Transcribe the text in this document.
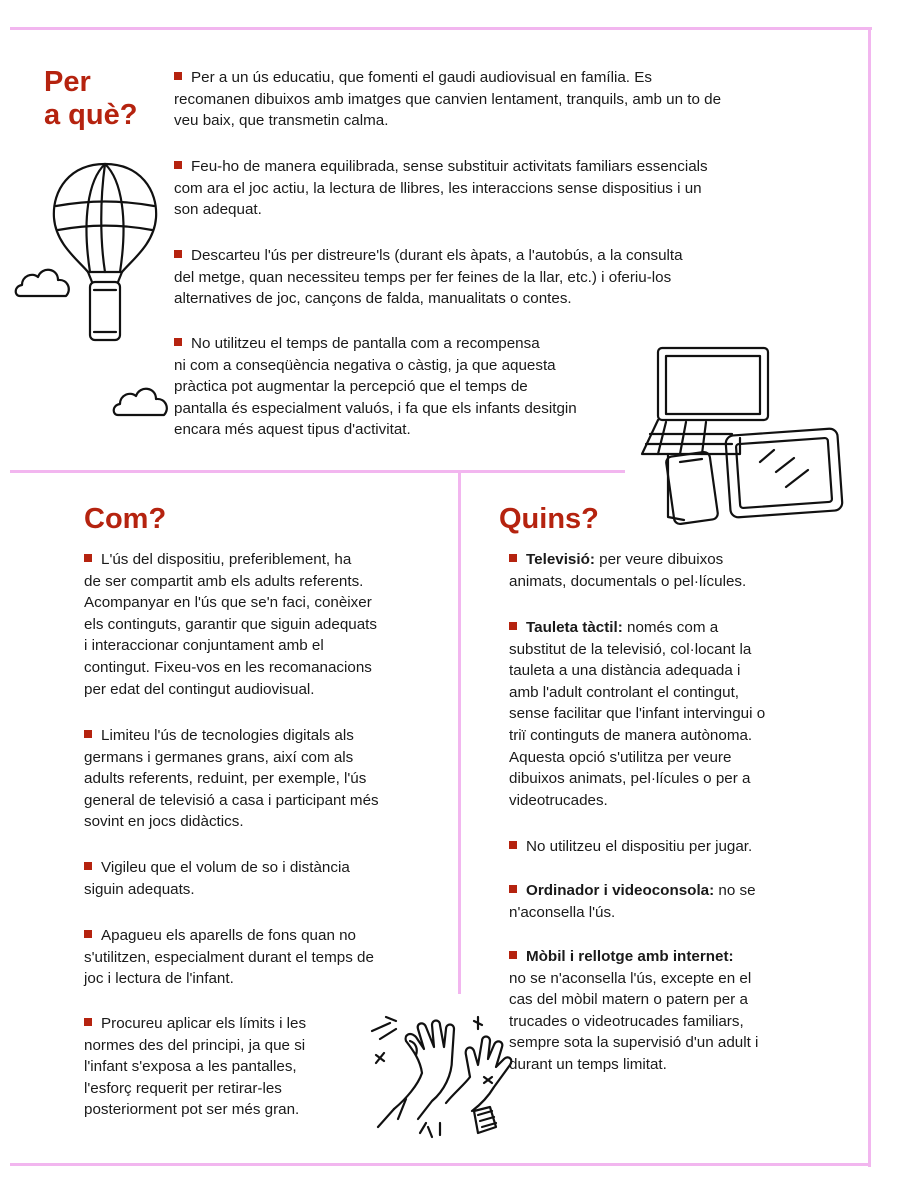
Per
a què?

Per a un ús educatiu, que fomenti el gaudi audiovisual en família. Es

recomanen dibuixos amb imatges que canvien lentament, tranquils, amb un to de

veu baix, que transmetin calma.

Feu-ho de manera equilibrada, sense substituir activitats familiars essencials

com ara el joc actiu, la lectura de llibres, les interaccions sense dispositius i un

son adequat.

Descarteu l'ús per distreure'ls (durant els àpats, a l'autobús, a la consulta

del metge, quan necessiteu temps per fer feines de la llar, etc.) i oferiu-los

alternatives de joc, cançons de falda, manualitats o contes.

No utilitzeu el temps de pantalla com a recompensa

ni com a conseqüència negativa o càstig, ja que aquesta

pràctica pot augmentar la percepció que el temps de

pantalla és especialment valuós, i fa que els infants desitgin

encara més aquest tipus d'activitat.

Com?

L'ús del dispositiu, preferiblement, ha

de ser compartit amb els adults referents.

Acompanyar en l'ús que se'n faci, conèixer

els continguts, garantir que siguin adequats

i interaccionar conjuntament amb el

contingut. Fixeu-vos en les recomanacions

per edat del contingut audiovisual.

Limiteu l'ús de tecnologies digitals als

germans i germanes grans, així com als

adults referents, reduint, per exemple, l'ús

general de televisió a casa i participant més

sovint en jocs didàctics.

Vigileu que el volum de so i distància

siguin adequats.

Apagueu els aparells de fons quan no

s'utilitzen, especialment durant el temps de

joc i lectura de l'infant.

Procureu aplicar els límits i les

normes des del principi, ja que si

l'infant s'exposa a les pantalles,

l'esforç requerit per retirar-les

posteriorment pot ser més gran.

Quins?

Televisió: per veure dibuixos

animats, documentals o pel·lícules.

Tauleta tàctil: només com a

substitut de la televisió, col·locant la

tauleta a una distància adequada i

amb l'adult controlant el contingut,

sense facilitar que l'infant intervingui o

triï continguts de manera autònoma.

Aquesta opció s'utilitza per veure

dibuixos animats, pel·lícules o per a

videotrucades.

No utilitzeu el dispositiu per jugar.

Ordinador i videoconsola: no se

n'aconsella l'ús.

Mòbil i rellotge amb internet:

no se n'aconsella l'ús, excepte en el

cas del mòbil matern o patern per a

trucades o videotrucades familiars,

sempre sota la supervisió d'un adult i

durant un temps limitat.
